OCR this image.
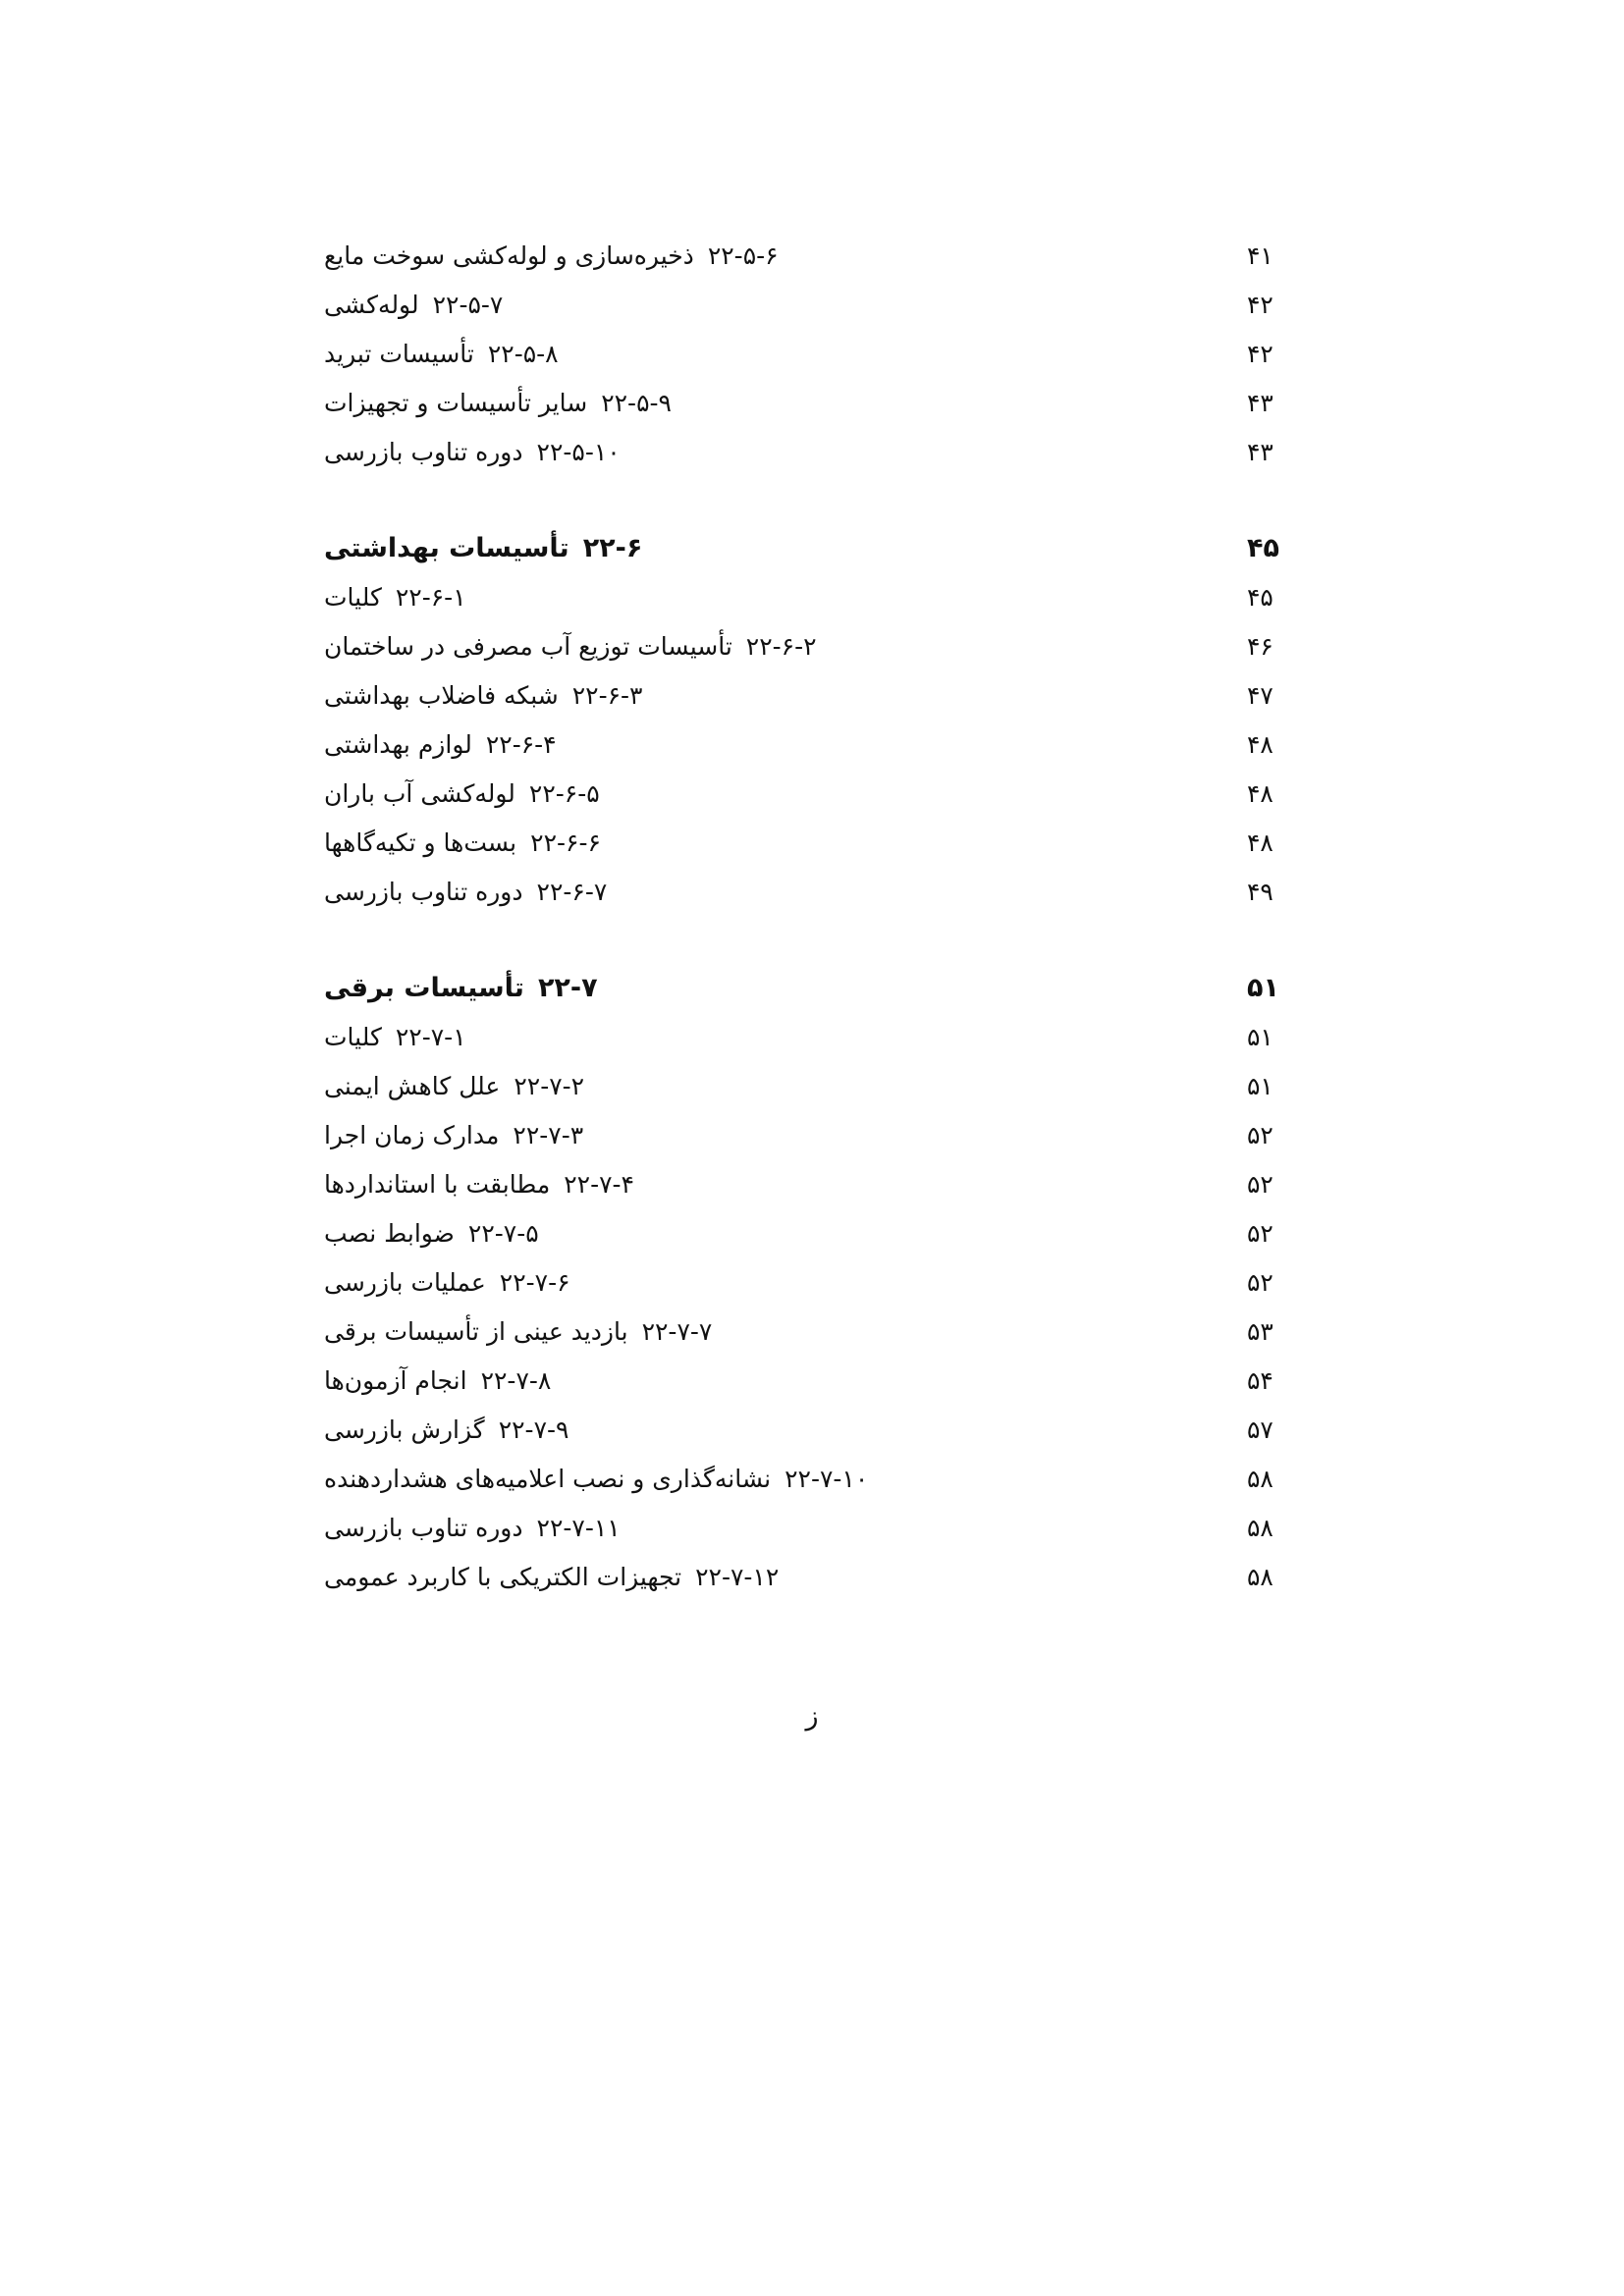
۲۲-۵-۶ذخیره‌سازی و لوله‌کشی سوخت مایع	۴۱
۲۲-۵-۷لوله‌کشی	۴۲
۲۲-۵-۸تأسیسات تبرید	۴۲
۲۲-۵-۹سایر تأسیسات و تجهیزات	۴۳
۲۲-۵-۱۰دوره تناوب بازرسی	۴۳
۲۲-۶تأسیسات بهداشتی	۴۵
۲۲-۶-۱کلیات	۴۵
۲۲-۶-۲تأسیسات توزیع آب مصرفی در ساختمان	۴۶
۲۲-۶-۳شبکه فاضلاب بهداشتی	۴۷
۲۲-۶-۴لوازم بهداشتی	۴۸
۲۲-۶-۵لوله‌کشی آب باران	۴۸
۲۲-۶-۶بست‌ها و تکیه‌گاهها	۴۸
۲۲-۶-۷دوره تناوب بازرسی	۴۹
۲۲-۷تأسیسات برقی	۵۱
۲۲-۷-۱کلیات	۵۱
۲۲-۷-۲علل کاهش ایمنی	۵۱
۲۲-۷-۳مدارک زمان اجرا	۵۲
۲۲-۷-۴مطابقت با استانداردها	۵۲
۲۲-۷-۵ضوابط نصب	۵۲
۲۲-۷-۶عملیات بازرسی	۵۲
۲۲-۷-۷بازدید عینی از تأسیسات برقی	۵۳
۲۲-۷-۸انجام آزمون‌ها	۵۴
۲۲-۷-۹گزارش بازرسی	۵۷
۲۲-۷-۱۰نشانه‌گذاری و نصب اعلامیه‌های هشداردهنده	۵۸
۲۲-۷-۱۱دوره تناوب بازرسی	۵۸
۲۲-۷-۱۲تجهیزات الکتریکی با کاربرد عمومی	۵۸
ز
